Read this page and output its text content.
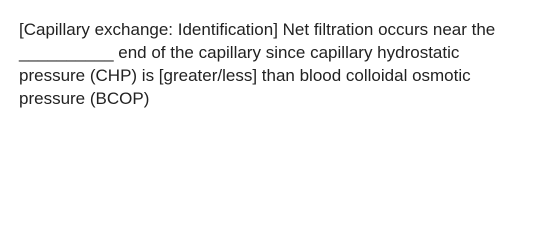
[Capillary exchange: Identification] Net filtration occurs near the
__________ end of the capillary since capillary hydrostatic
pressure (CHP) is [greater/less] than blood colloidal osmotic
pressure (BCOP)
